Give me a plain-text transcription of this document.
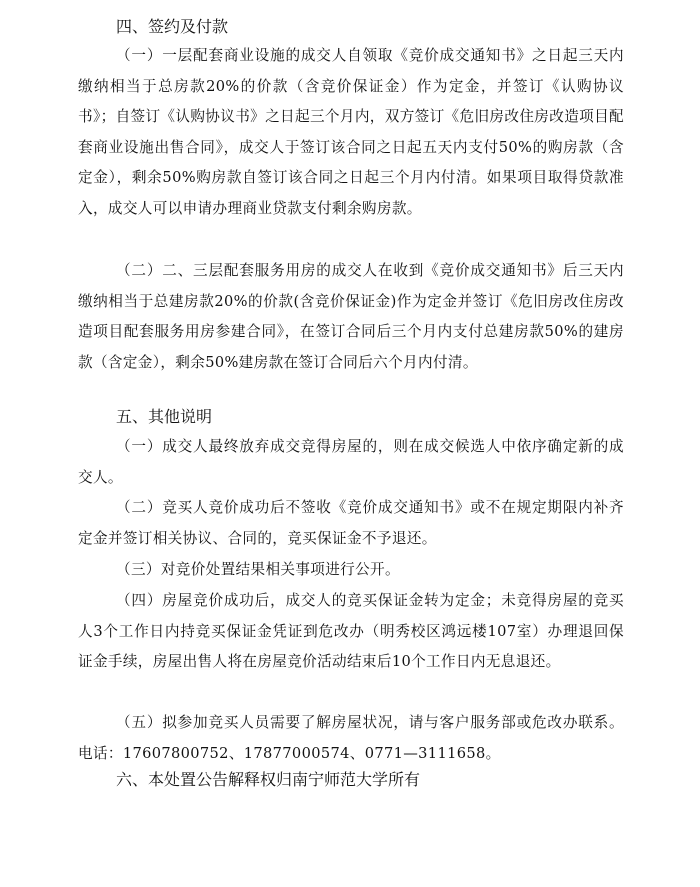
四、签约及付款

（一）一层配套商业设施的成交人自领取《竞价成交通知书》之日起三天内缴纳相当于总房款20%的价款（含竞价保证金）作为定金，并签订《认购协议书》；自签订《认购协议书》之日起三个月内，双方签订《危旧房改住房改造项目配套商业设施出售合同》，成交人于签订该合同之日起五天内支付50%的购房款（含定金），剩余50%购房款自签订该合同之日起三个月内付清。如果项目取得贷款准入，成交人可以申请办理商业贷款支付剩余购房款。

（二）二、三层配套服务用房的成交人在收到《竞价成交通知书》后三天内缴纳相当于总建房款20%的价款(含竞价保证金)作为定金并签订《危旧房改住房改造项目配套服务用房参建合同》，在签订合同后三个月内支付总建房款50%的建房款（含定金），剩余50%建房款在签订合同后六个月内付清。

五、其他说明

（一）成交人最终放弃成交竞得房屋的，则在成交候选人中依序确定新的成交人。

（二）竞买人竞价成功后不签收《竞价成交通知书》或不在规定期限内补齐定金并签订相关协议、合同的，竞买保证金不予退还。

（三）对竞价处置结果相关事项进行公开。

（四）房屋竞价成功后，成交人的竞买保证金转为定金；未竞得房屋的竞买人3个工作日内持竞买保证金凭证到危改办（明秀校区鸿远楼107室）办理退回保证金手续，房屋出售人将在房屋竞价活动结束后10个工作日内无息退还。

（五）拟参加竞买人员需要了解房屋状况，请与客户服务部或危改办联系。电话：17607800752、17877000574、0771—3111658。

六、本处置公告解释权归南宁师范大学所有
